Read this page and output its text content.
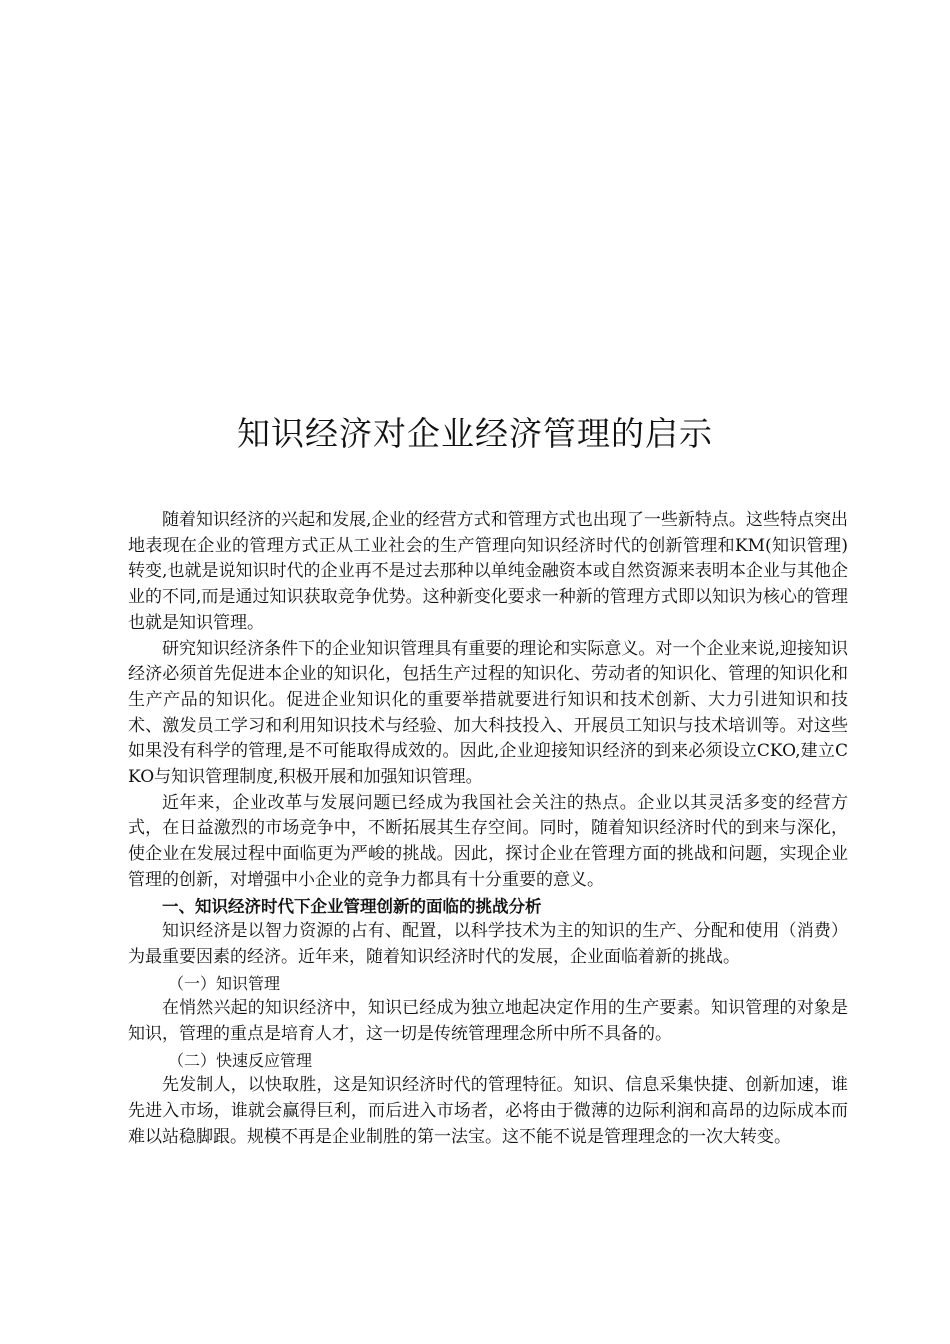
知识经济对企业经济管理的启示

随着知识经济的兴起和发展,企业的经营方式和管理方式也出现了一些新特点。这些特点突出地表现在企业的管理方式正从工业社会的生产管理向知识经济时代的创新管理和KM(知识管理)转变,也就是说知识时代的企业再不是过去那种以单纯金融资本或自然资源来表明本企业与其他企业的不同,而是通过知识获取竞争优势。这种新变化要求一种新的管理方式即以知识为核心的管理也就是知识管理。

研究知识经济条件下的企业知识管理具有重要的理论和实际意义。对一个企业来说,迎接知识经济必须首先促进本企业的知识化，包括生产过程的知识化、劳动者的知识化、管理的知识化和生产产品的知识化。促进企业知识化的重要举措就要进行知识和技术创新、大力引进知识和技术、激发员工学习和利用知识技术与经验、加大科技投入、开展员工知识与技术培训等。对这些如果没有科学的管理,是不可能取得成效的。因此,企业迎接知识经济的到来必须设立CKO,建立CKO与知识管理制度,积极开展和加强知识管理。

近年来，企业改革与发展问题已经成为我国社会关注的热点。企业以其灵活多变的经营方式，在日益激烈的市场竞争中，不断拓展其生存空间。同时，随着知识经济时代的到来与深化，使企业在发展过程中面临更为严峻的挑战。因此，探讨企业在管理方面的挑战和问题，实现企业管理的创新，对增强中小企业的竞争力都具有十分重要的意义。

一、知识经济时代下企业管理创新的面临的挑战分析

知识经济是以智力资源的占有、配置，以科学技术为主的知识的生产、分配和使用（消费）为最重要因素的经济。近年来，随着知识经济时代的发展，企业面临着新的挑战。

（一）知识管理

在悄然兴起的知识经济中，知识已经成为独立地起决定作用的生产要素。知识管理的对象是知识，管理的重点是培育人才，这一切是传统管理理念所中所不具备的。

（二）快速反应管理

先发制人，以快取胜，这是知识经济时代的管理特征。知识、信息采集快捷、创新加速，谁先进入市场，谁就会赢得巨利，而后进入市场者，必将由于微薄的边际利润和高昂的边际成本而难以站稳脚跟。规模不再是企业制胜的第一法宝。这不能不说是管理理念的一次大转变。
